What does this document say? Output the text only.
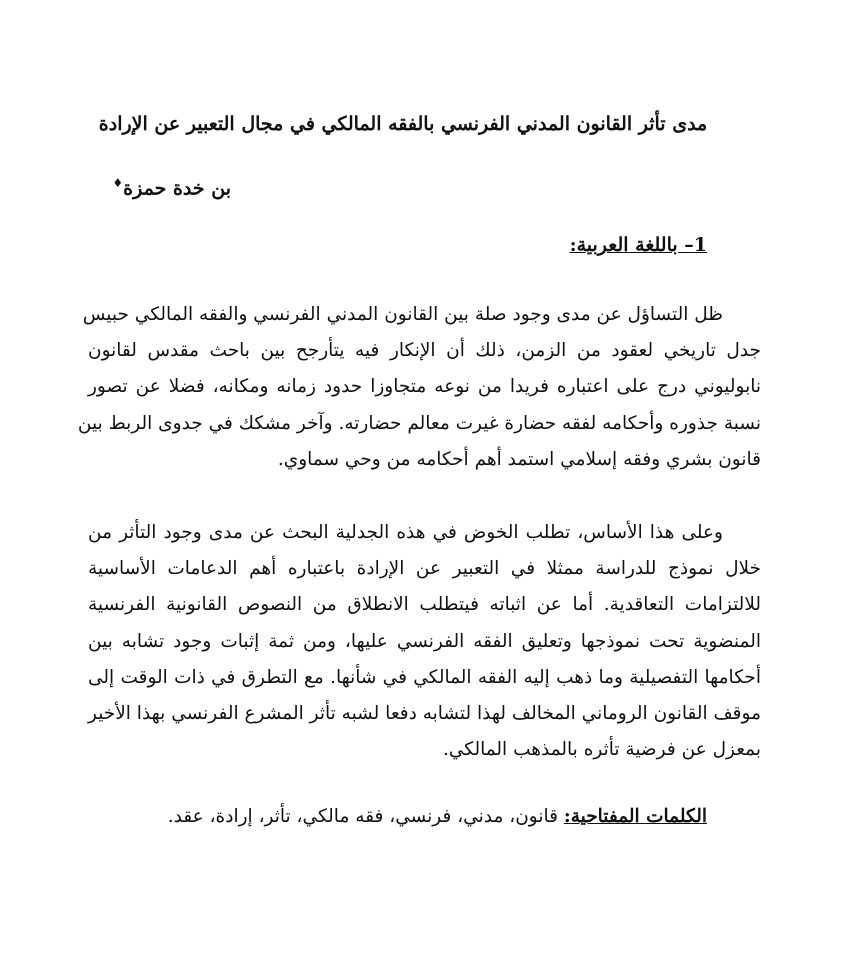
مدى تأثر القانون المدني الفرنسي بالفقه المالكي في مجال التعبير عن الإرادة
بن خدة حمزة♦
1– باللغة العربية:

ظل التساؤل عن مدى وجود صلة بين القانون المدني الفرنسي والفقه المالكي حبيس
جدل تاريخي لعقود من الزمن، ذلك أن الإنكار فيه يتأرجح بين باحث مقدس لقانون
نابوليوني درج على اعتباره فريدا من نوعه متجاوزا حدود زمانه ومكانه، فضلا عن تصور
نسبة جذوره وأحكامه لفقه حضارة غيرت معالم حضارته. وآخر مشكك في جدوى الربط بين
قانون بشري وفقه إسلامي استمد أهم أحكامه من وحي سماوي.

وعلى هذا الأساس، تطلب الخوض في هذه الجدلية البحث عن مدى وجود التأثر من
خلال نموذج للدراسة ممثلا في التعبير عن الإرادة باعتباره أهم الدعامات الأساسية
للالتزامات التعاقدية. أما عن اثباته فيتطلب الانطلاق من النصوص القانونية الفرنسية
المنضوية تحت نموذجها وتعليق الفقه الفرنسي عليها، ومن ثمة إثبات وجود تشابه بين
أحكامها التفصيلية وما ذهب إليه الفقه المالكي في شأنها. مع التطرق في ذات الوقت إلى
موقف القانون الروماني المخالف لهذا لتشابه دفعا لشبه تأثر المشرع الفرنسي بهذا الأخير
بمعزل عن فرضية تأثره بالمذهب المالكي.

الكلمات المفتاحية: قانون، مدني، فرنسي، فقه مالكي، تأثر، إرادة، عقد.
